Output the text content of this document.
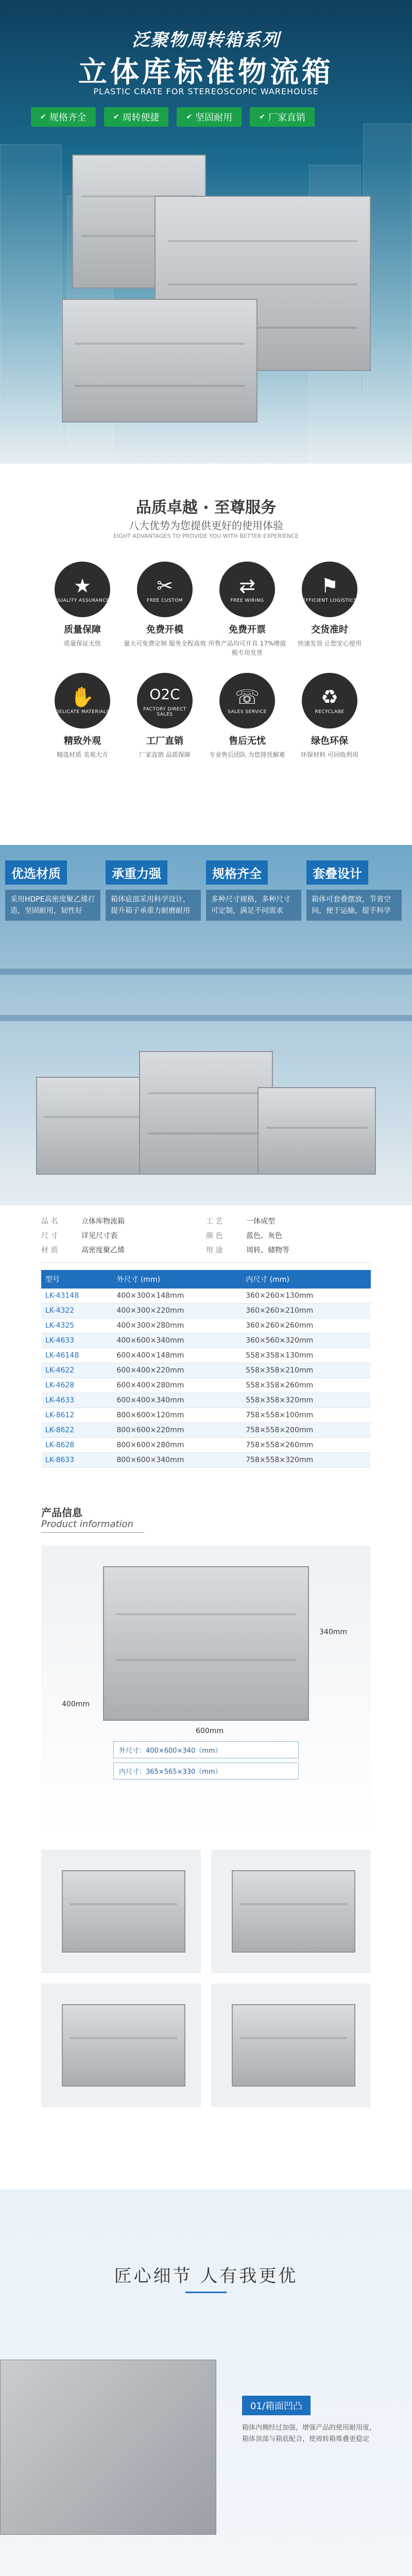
泛聚物周转箱系列
立体库标准物流箱
PLASTIC CRATE FOR STEREOSCOPIC WAREHOUSE
✔ 规格齐全	✔ 周转便捷	✔ 坚固耐用	✔ 厂家直销
品质卓越 · 至尊服务
八大优势为您提供更好的使用体验
EIGHT ADVANTAGES TO PROVIDE YOU WITH BETTER EXPERIENCE
★
QUALITY ASSURANCE
质量保障
质量保证无忧
✂
FREE CUSTOM
免费开模
量大可免费定制 服务全程高效
⇄
FREE WIRING
免费开票
所售产品均可开具 17%增值税专用发票
⚑
EFFICIENT LOGISTICS
交货准时
快速发货 让您安心使用
✋
DELICATE MATERIALS
精致外观
精选材质 美观大方
O2C
FACTORY DIRECT SALES
工厂直销
厂家直销 品质保障
☏
SALES SERVICE
售后无忧
专业售后团队 为您排忧解难
♻
RECYCLABE
绿色环保
环保材料 可回收利用
优选材质
采用HDPE高密度聚乙烯打造，坚固耐用，韧性好
承重力强
箱体底部采用科学设计，提升箱子承重力耐磨耐用
规格齐全
多种尺寸规格，多种尺寸可定制，满足不同需求
套叠设计
箱体可套叠摆放，节省空间，便于运输，提手科学
品 名	立体库物流箱	工 艺	一体成型
尺 寸	详见尺寸表	颜 色	蓝色、灰色
材 质	高密度聚乙烯	用 途	周转、储物等
型号	外尺寸 (mm)	内尺寸 (mm)
LK-43148	400×300×148mm	360×260×130mm
LK-4322	400×300×220mm	360×260×210mm
LK-4325	400×300×280mm	360×260×260mm
LK-4633	400×600×340mm	360×560×320mm
LK-46148	600×400×148mm	558×358×130mm
LK-4622	600×400×220mm	558×358×210mm
LK-4628	600×400×280mm	558×358×260mm
LK-4633	600×400×340mm	558×358×320mm
LK-8612	800×600×120mm	758×558×100mm
LK-8622	800×600×220mm	758×558×200mm
LK-8628	800×600×280mm	758×558×260mm
LK-8633	800×600×340mm	758×558×320mm
产品信息
Product information
400mm
600mm
340mm
外尺寸：400×600×340（mm）
内尺寸：365×565×330（mm）
匠心细节 人有我更优
01/箱面凹凸
箱体内侧经过加强，增强产品的使用耐用度，箱体顶部与箱底配合，使周转箱堆叠更稳定
